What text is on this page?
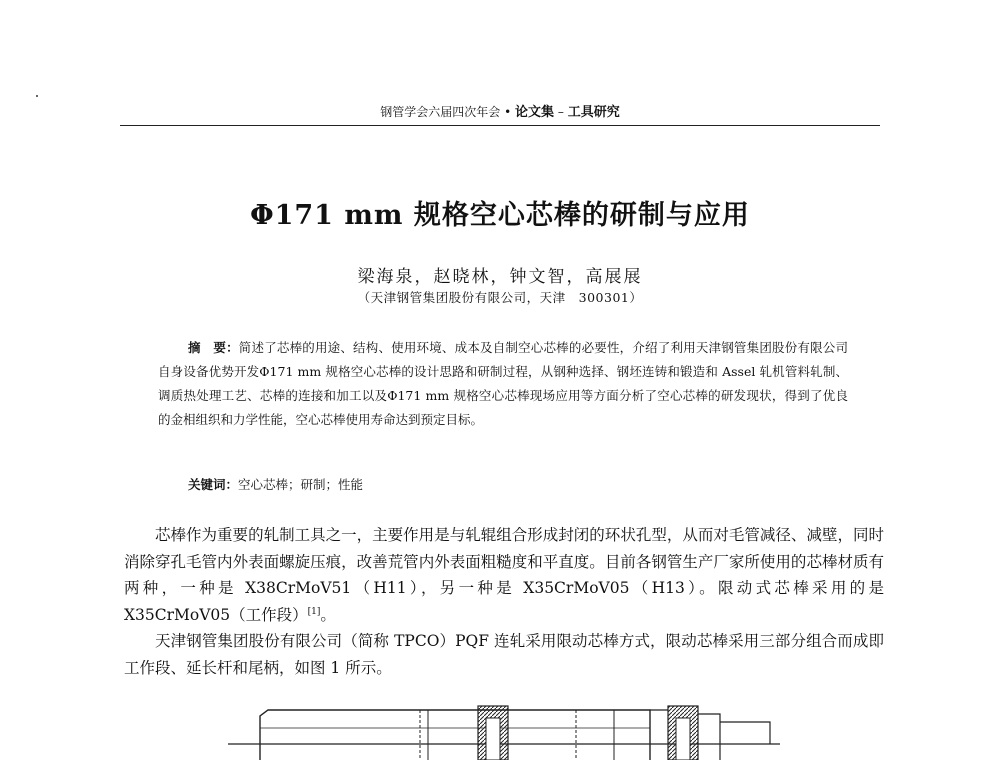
钢管学会六届四次年会 • 论文集 – 工具研究
Φ171 mm 规格空心芯棒的研制与应用
梁海泉，赵晓林，钟文智，高展展
（天津钢管集团股份有限公司，天津　300301）
摘　要：简述了芯棒的用途、结构、使用环境、成本及自制空心芯棒的必要性，介绍了利用天津钢管集团股份有限公司自身设备优势开发Φ171 mm 规格空心芯棒的设计思路和研制过程，从钢种选择、钢坯连铸和锻造和 Assel 轧机管料轧制、调质热处理工艺、芯棒的连接和加工以及Φ171 mm 规格空心芯棒现场应用等方面分析了空心芯棒的研发现状，得到了优良的金相组织和力学性能，空心芯棒使用寿命达到预定目标。
关键词：空心芯棒；研制；性能

芯棒作为重要的轧制工具之一，主要作用是与轧辊组合形成封闭的环状孔型，从而对毛管减径、减壁，同时消除穿孔毛管内外表面螺旋压痕，改善荒管内外表面粗糙度和平直度。目前各钢管生产厂家所使用的芯棒材质有两种，一种是 X38CrMoV51（H11），另一种是 X35CrMoV05（H13）。限动式芯棒采用的是 X35CrMoV05（工作段）[1]。

天津钢管集团股份有限公司（简称 TPCO）PQF 连轧采用限动芯棒方式，限动芯棒采用三部分组合而成即工作段、延长杆和尾柄，如图 1 所示。
